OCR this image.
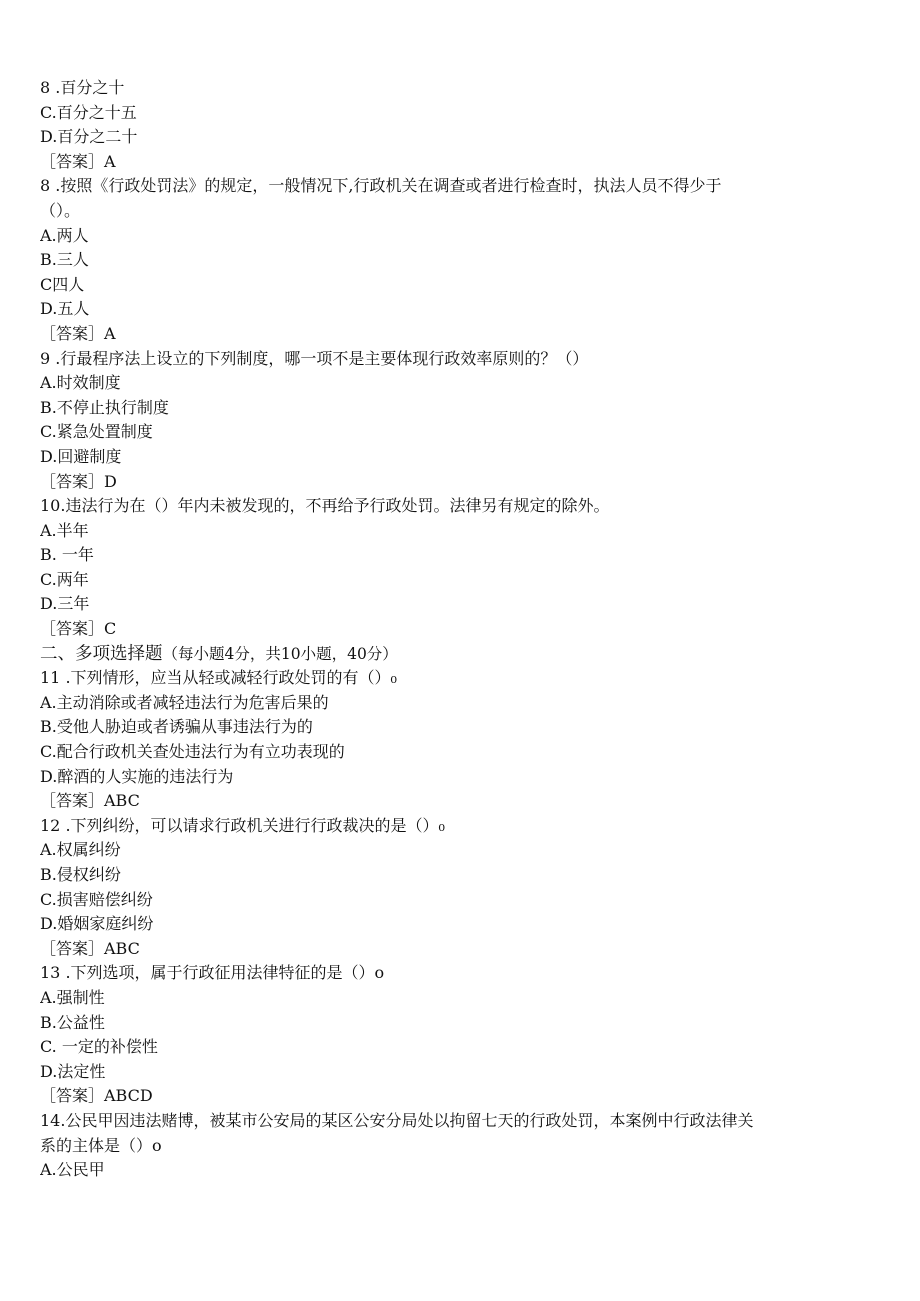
8 .百分之十
C.百分之十五
D.百分之二十
［答案］A
8 .按照《行政处罚法》的规定，一般情况下,行政机关在调查或者进行检查时，执法人员不得少于
（）。
A.两人
B.三人
C四人
D.五人
［答案］A
9 .行最程序法上设立的下列制度，哪一项不是主要体现行政效率原则的？（）
A.时效制度
B.不停止执行制度
C.紧急处置制度
D.回避制度
［答案］D
10.违法行为在（）年内未被发现的，不再给予行政处罚。法律另有规定的除外。
A.半年
B. 一年
C.两年
D.三年
［答案］C
二、多项选择题（每小题4分，共10小题，40分）
11 .下列情形，应当从轻或减轻行政处罚的有（）₀
A.主动消除或者减轻违法行为危害后果的
B.受他人胁迫或者诱骗从事违法行为的
C.配合行政机关查处违法行为有立功表现的
D.醉酒的人实施的违法行为
［答案］ABC
12 .下列纠纷，可以请求行政机关进行行政裁决的是（）₀
A.权属纠纷
B.侵权纠纷
C.损害赔偿纠纷
D.婚姻家庭纠纷
［答案］ABC
13 .下列选项，属于行政征用法律特征的是（）o
A.强制性
B.公益性
C. 一定的补偿性
D.法定性
［答案］ABCD
14.公民甲因违法赌博，被某市公安局的某区公安分局处以拘留七天的行政处罚，本案例中行政法律关
系的主体是（）o
A.公民甲
